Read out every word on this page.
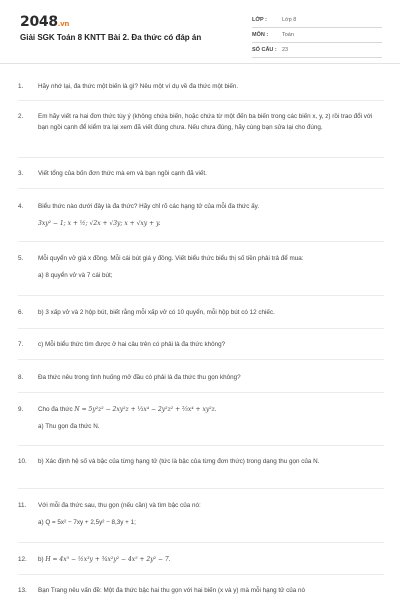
2048.vn
Giải SGK Toán 8 KNTT Bài 2. Đa thức có đáp án
LỚP :	Lớp 8
MÔN :	Toán
SỐ CÂU : 23
1.	Hãy nhớ lại, đa thức một biến là gì? Nêu một ví dụ về đa thức một biến.
2.	Em hãy viết ra hai đơn thức tùy ý (không chứa biến, hoặc chứa từ một đến ba biến trong các biến x, y, z) rồi trao đổi với bạn ngồi cạnh để kiểm tra lại xem đã viết đúng chưa. Nếu chưa đúng, hãy cùng bạn sửa lại cho đúng.
3.	Viết tổng của bốn đơn thức mà em và bạn ngồi cạnh đã viết.
4.	Biểu thức nào dưới đây là đa thức? Hãy chỉ rõ các hạng tử của mỗi đa thức ấy.
3xy² − 1; x + ½; √2x + √3y; x + √xy + y.
5.	Mỗi quyển vở giá x đồng. Mỗi cái bút giá y đồng. Viết biểu thức biểu thị số tiền phải trả để mua:
a) 8 quyển vở và 7 cái bút;
6.	b) 3 xấp vở và 2 hộp bút, biết rằng mỗi xấp vở có 10 quyển, mỗi hộp bút có 12 chiếc.
7.	c) Mỗi biểu thức tìm được ở hai câu trên có phải là đa thức không?
8.	Đa thức nêu trong tình huống mở đầu có phải là đa thức thu gọn không?
9.	Cho đa thức N = 5y²z² − 2xy²z + ⅓x⁴ − 2y²z² + ⅔x⁴ + xy²z.
a) Thu gọn đa thức N.
10.	b) Xác định hệ số và bậc của từng hạng tử (tức là bậc của từng đơn thức) trong dạng thu gọn của N.
11.	Với mỗi đa thức sau, thu gọn (nếu cần) và tìm bậc của nó:
a) Q = 5x² − 7xy + 2,5y² − 8,3y + 1;
12.	b) H = 4x⁵ − ½x³y + ¾x²y² − 4x⁵ + 2y² − 7.
13.	Bạn Trang nêu vấn đề: Một đa thức bậc hai thu gọn với hai biến (x và y) mà mỗi hạng tử của nó
